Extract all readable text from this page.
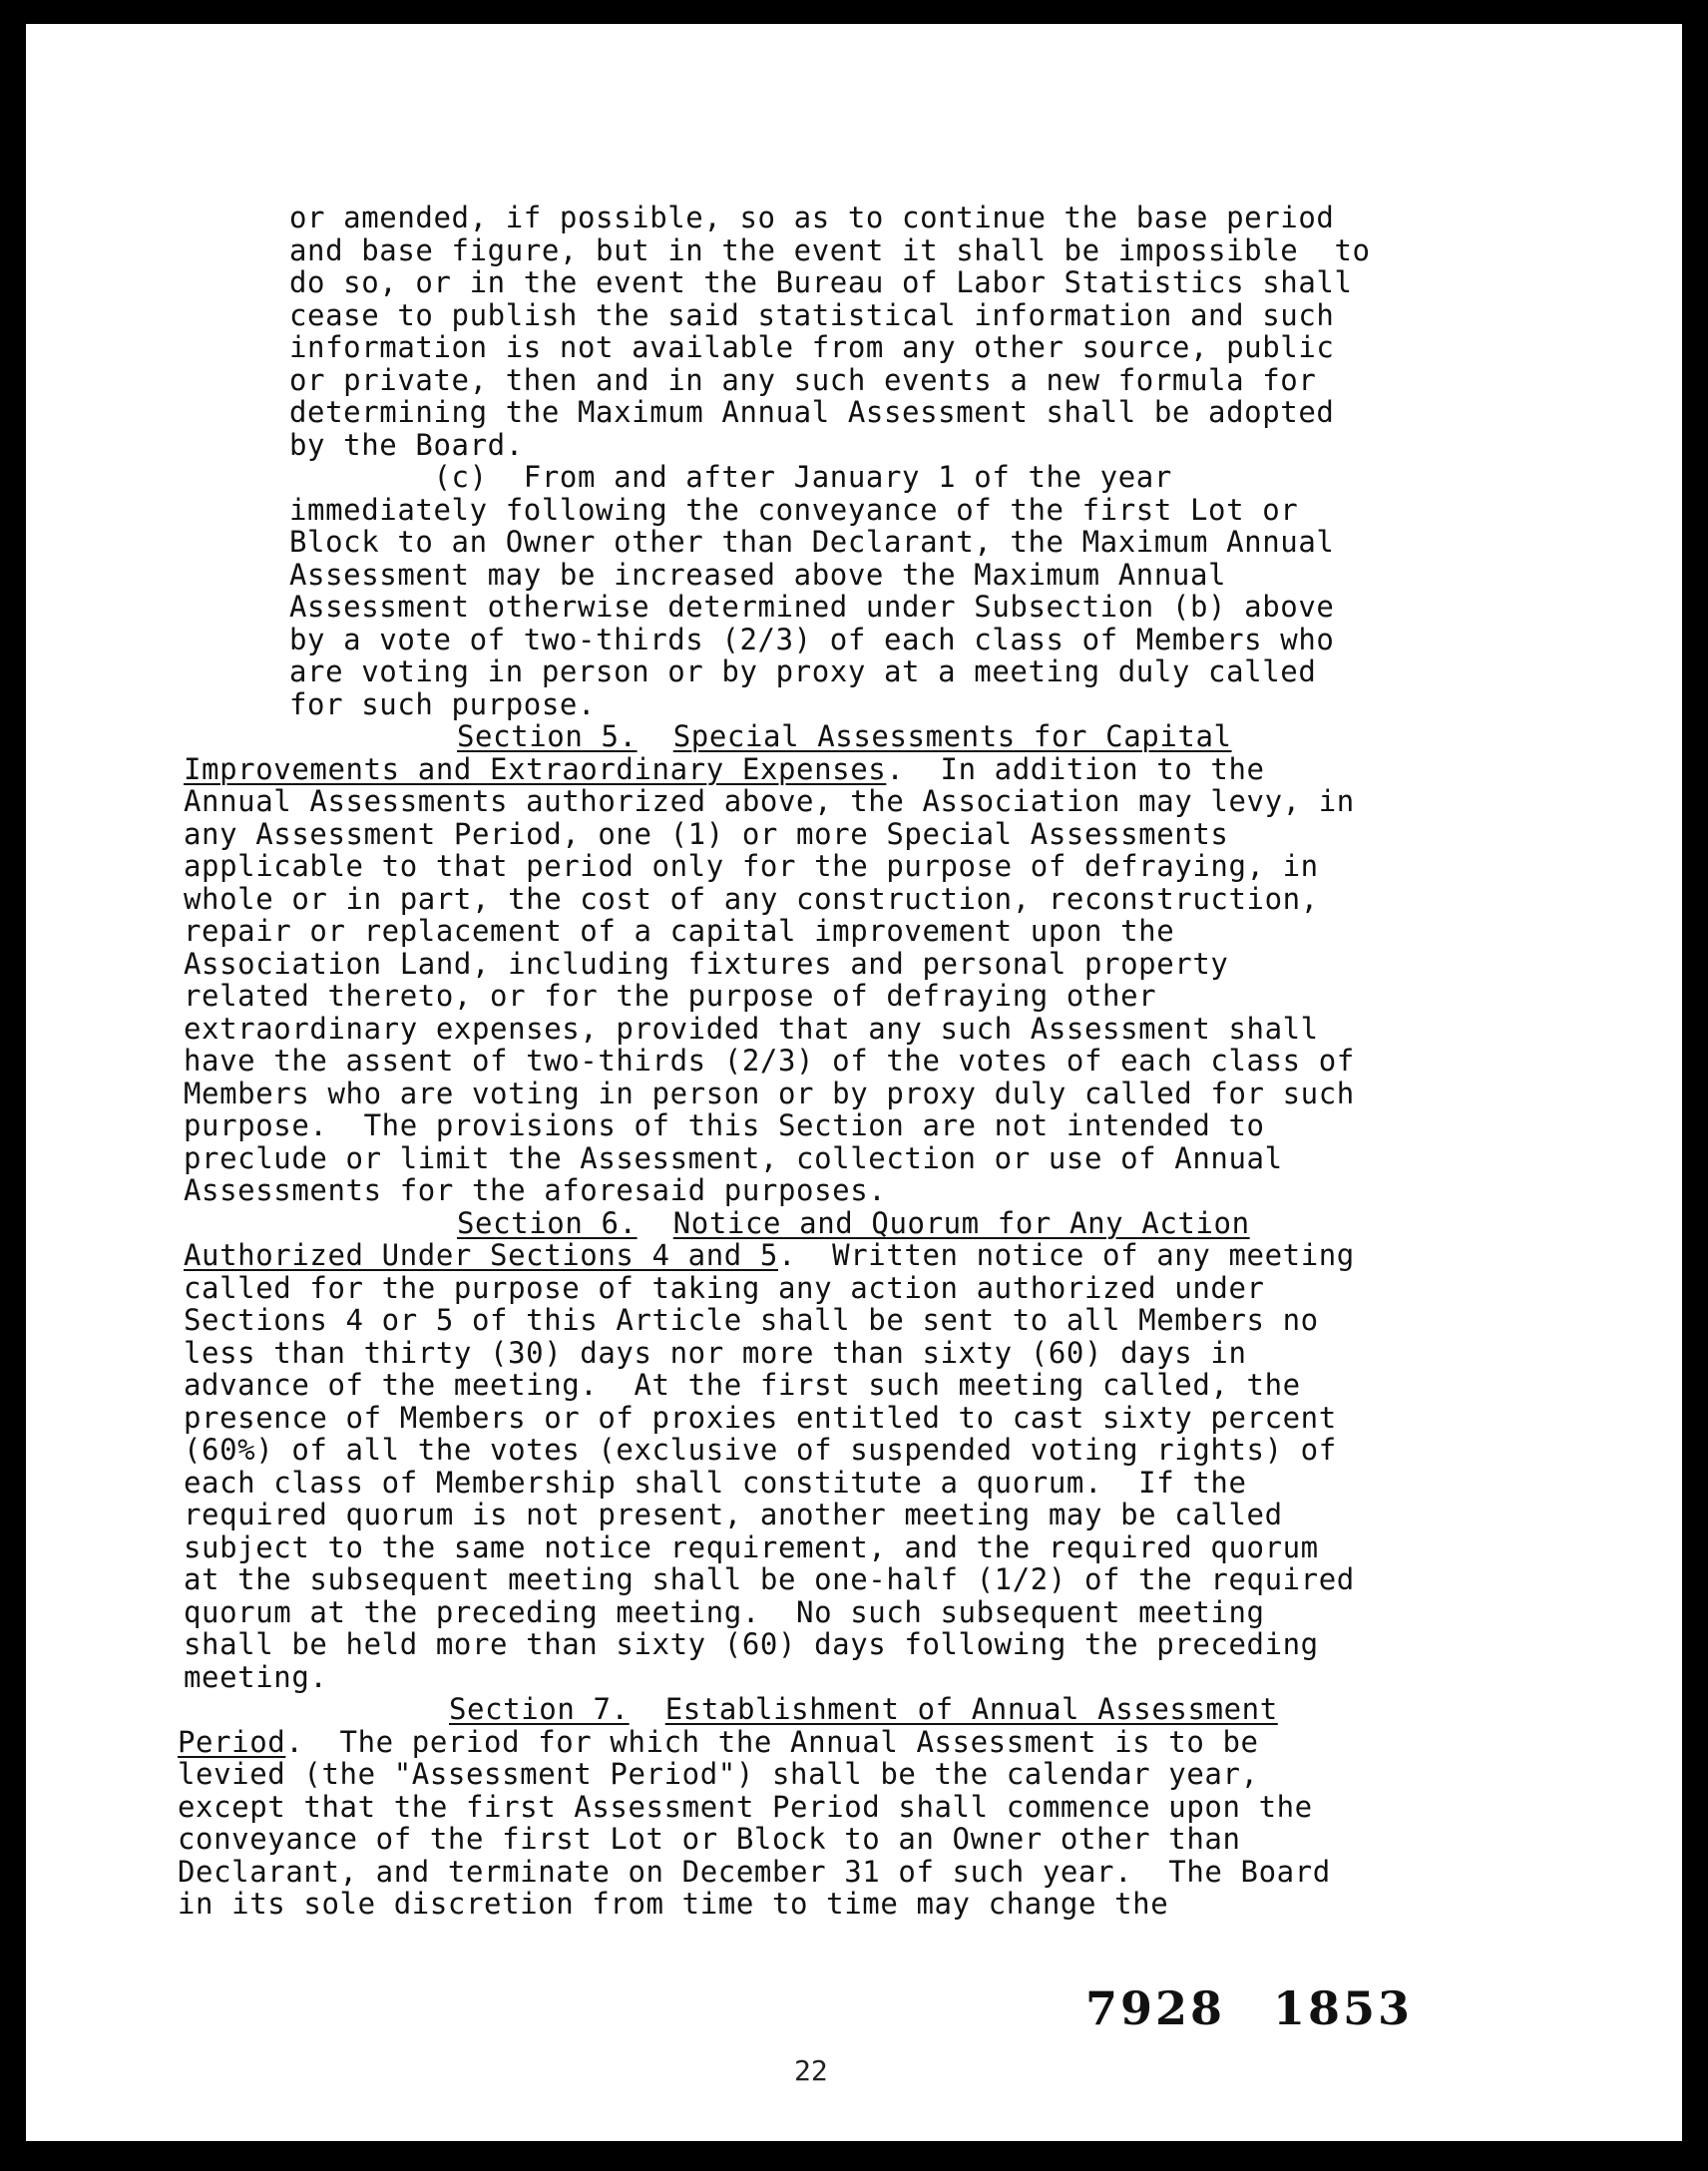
or amended, if possible, so as to continue the base period

and base figure, but in the event it shall be impossible  to

do so, or in the event the Bureau of Labor Statistics shall

cease to publish the said statistical information and such

information is not available from any other source, public

or private, then and in any such events a new formula for

determining the Maximum Annual Assessment shall be adopted

by the Board.

(c)  From and after January 1 of the year

immediately following the conveyance of the first Lot or

Block to an Owner other than Declarant, the Maximum Annual

Assessment may be increased above the Maximum Annual

Assessment otherwise determined under Subsection (b) above

by a vote of two-thirds (2/3) of each class of Members who

are voting in person or by proxy at a meeting duly called

for such purpose.

Section 5. Special Assessments for Capital

Improvements and Extraordinary Expenses.  In addition to the

Annual Assessments authorized above, the Association may levy, in

any Assessment Period, one (1) or more Special Assessments

applicable to that period only for the purpose of defraying, in

whole or in part, the cost of any construction, reconstruction,

repair or replacement of a capital improvement upon the

Association Land, including fixtures and personal property

related thereto, or for the purpose of defraying other

extraordinary expenses, provided that any such Assessment shall

have the assent of two-thirds (2/3) of the votes of each class of

Members who are voting in person or by proxy duly called for such

purpose.  The provisions of this Section are not intended to

preclude or limit the Assessment, collection or use of Annual

Assessments for the aforesaid purposes.

Section 6. Notice and Quorum for Any Action

Authorized Under Sections 4 and 5.  Written notice of any meeting

called for the purpose of taking any action authorized under

Sections 4 or 5 of this Article shall be sent to all Members no

less than thirty (30) days nor more than sixty (60) days in

advance of the meeting.  At the first such meeting called, the

presence of Members or of proxies entitled to cast sixty percent

(60%) of all the votes (exclusive of suspended voting rights) of

each class of Membership shall constitute a quorum.  If the

required quorum is not present, another meeting may be called

subject to the same notice requirement, and the required quorum

at the subsequent meeting shall be one-half (1/2) of the required

quorum at the preceding meeting.  No such subsequent meeting

shall be held more than sixty (60) days following the preceding

meeting.

Section 7. Establishment of Annual Assessment

Period.  The period for which the Annual Assessment is to be

levied (the "Assessment Period") shall be the calendar year,

except that the first Assessment Period shall commence upon the

conveyance of the first Lot or Block to an Owner other than

Declarant, and terminate on December 31 of such year.  The Board

in its sole discretion from time to time may change the

7928 1853
22
